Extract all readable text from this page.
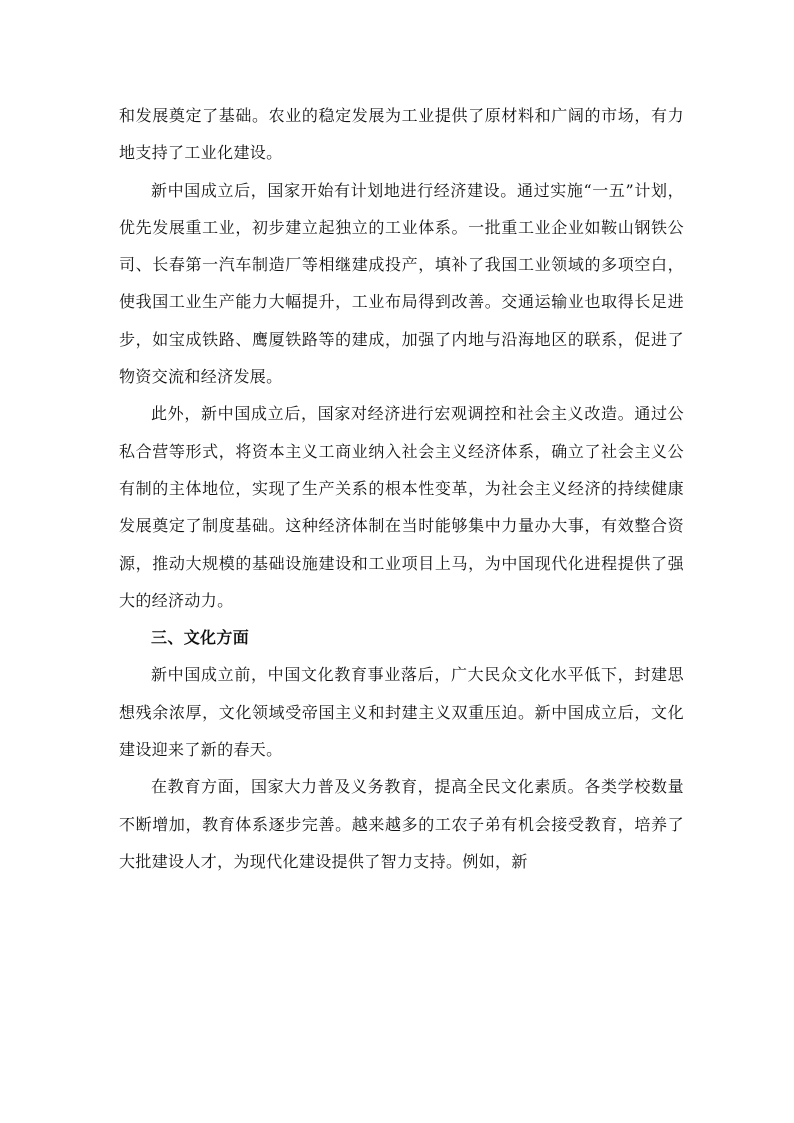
和发展奠定了基础。农业的稳定发展为工业提供了原材料和广阔的市场，有力地支持了工业化建设。

新中国成立后，国家开始有计划地进行经济建设。通过实施“一五”计划，优先发展重工业，初步建立起独立的工业体系。一批重工业企业如鞍山钢铁公司、长春第一汽车制造厂等相继建成投产，填补了我国工业领域的多项空白，使我国工业生产能力大幅提升，工业布局得到改善。交通运输业也取得长足进步，如宝成铁路、鹰厦铁路等的建成，加强了内地与沿海地区的联系，促进了物资交流和经济发展。

此外，新中国成立后，国家对经济进行宏观调控和社会主义改造。通过公私合营等形式，将资本主义工商业纳入社会主义经济体系，确立了社会主义公有制的主体地位，实现了生产关系的根本性变革，为社会主义经济的持续健康发展奠定了制度基础。这种经济体制在当时能够集中力量办大事，有效整合资源，推动大规模的基础设施建设和工业项目上马，为中国现代化进程提供了强大的经济动力。

三、文化方面

新中国成立前，中国文化教育事业落后，广大民众文化水平低下，封建思想残余浓厚，文化领域受帝国主义和封建主义双重压迫。新中国成立后，文化建设迎来了新的春天。

在教育方面，国家大力普及义务教育，提高全民文化素质。各类学校数量不断增加，教育体系逐步完善。越来越多的工农子弟有机会接受教育，培养了大批建设人才，为现代化建设提供了智力支持。例如，新
